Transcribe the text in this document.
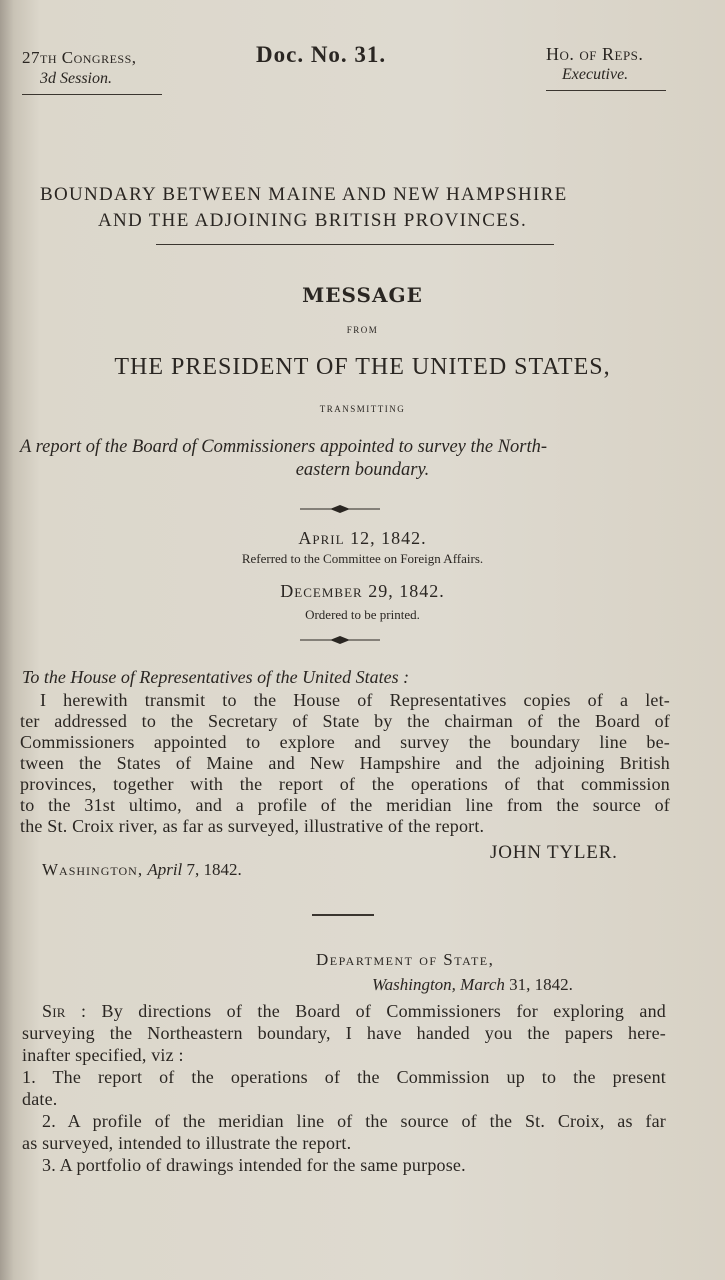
27th Congress,
3d Session.
Doc. No. 31.	Ho. of Reps.
Executive.
BOUNDARY BETWEEN MAINE AND NEW HAMPSHIRE
AND THE ADJOINING BRITISH PROVINCES.
MESSAGE
FROM
THE PRESIDENT OF THE UNITED STATES,
TRANSMITTING
A report of the Board of Commissioners appointed to survey the North-
eastern boundary.
April 12, 1842.
Referred to the Committee on Foreign Affairs.
December 29, 1842.
Ordered to be printed.
To the House of Representatives of the United States :
I herewith transmit to the House of Representatives copies of a let-
ter addressed to the Secretary of State by the chairman of the Board of
Commissioners appointed to explore and survey the boundary line be-
tween the States of Maine and New Hampshire and the adjoining British
provinces, together with the report of the operations of that commission
to the 31st ultimo, and a profile of the meridian line from the source of
the St. Croix river, as far as surveyed, illustrative of the report.
JOHN TYLER.
Washington, April 7, 1842.
Department of State,
Washington, March 31, 1842.
Sir : By directions of the Board of Commissioners for exploring and
surveying the Northeastern boundary, I have handed you the papers here-
inafter specified, viz :
1. The report of the operations of the Commission up to the present
date.
2. A profile of the meridian line of the source of the St. Croix, as far
as surveyed, intended to illustrate the report.
3. A portfolio of drawings intended for the same purpose.
